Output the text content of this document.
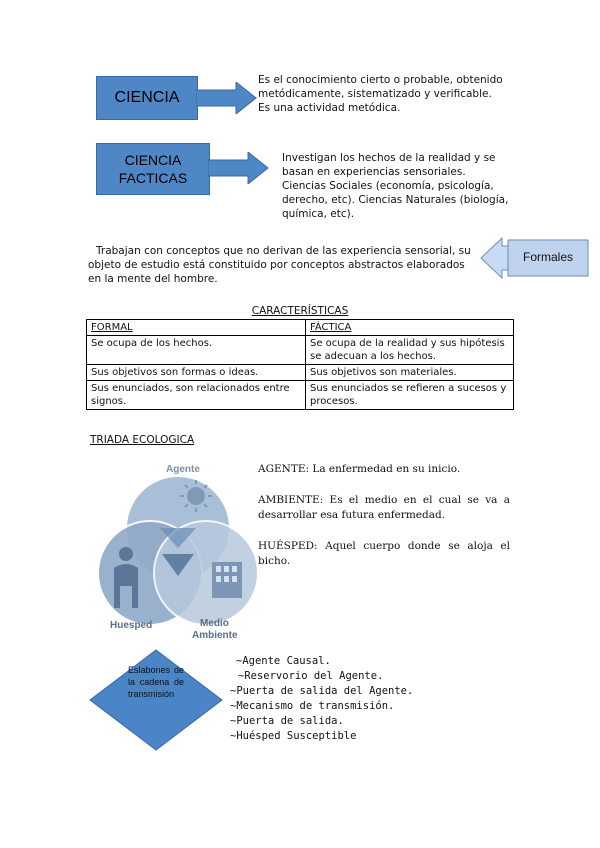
CIENCIA
Es el conocimiento cierto o probable, obtenido
metódicamente, sistematizado y verificable.
Es una actividad metódica.
CIENCIA
FACTICAS
Investigan los hechos de la realidad y se
basan en experiencias sensoriales.
Ciencias Sociales (economía, psicología,
derecho, etc). Ciencias Naturales (biología,
química, etc).
Trabajan con conceptos que no derivan de las experiencia sensorial, su
objeto de estudio está constituido por conceptos abstractos elaborados
en la mente del hombre.
Formales
CARACTERÍSTICAS
FORMAL	FÁCTICA
Se ocupa de los hechos.	Se ocupa de la realidad y sus hipótesis se adecuan a los hechos.
Sus objetivos son formas o ideas.	Sus objetivos son materiales.
Sus enunciados, son relacionados entre signos.	Sus enunciados se refieren a sucesos y procesos.
TRIADA ECOLOGICA
Agente
Huesped	Medio
Ambiente
AGENTE: La enfermedad en su inicio.
AMBIENTE: Es el medio en el cual se va a desarrollar esa futura enfermedad.
HUÉSPED: Aquel cuerpo donde se aloja el bicho.
Eslabones de la cadena de transmisión
~Agente Causal.
~Reservorio del Agente.
~Puerta de salida del Agente.
~Mecanismo de transmisión.
~Puerta de salida.
~Huésped Susceptible
